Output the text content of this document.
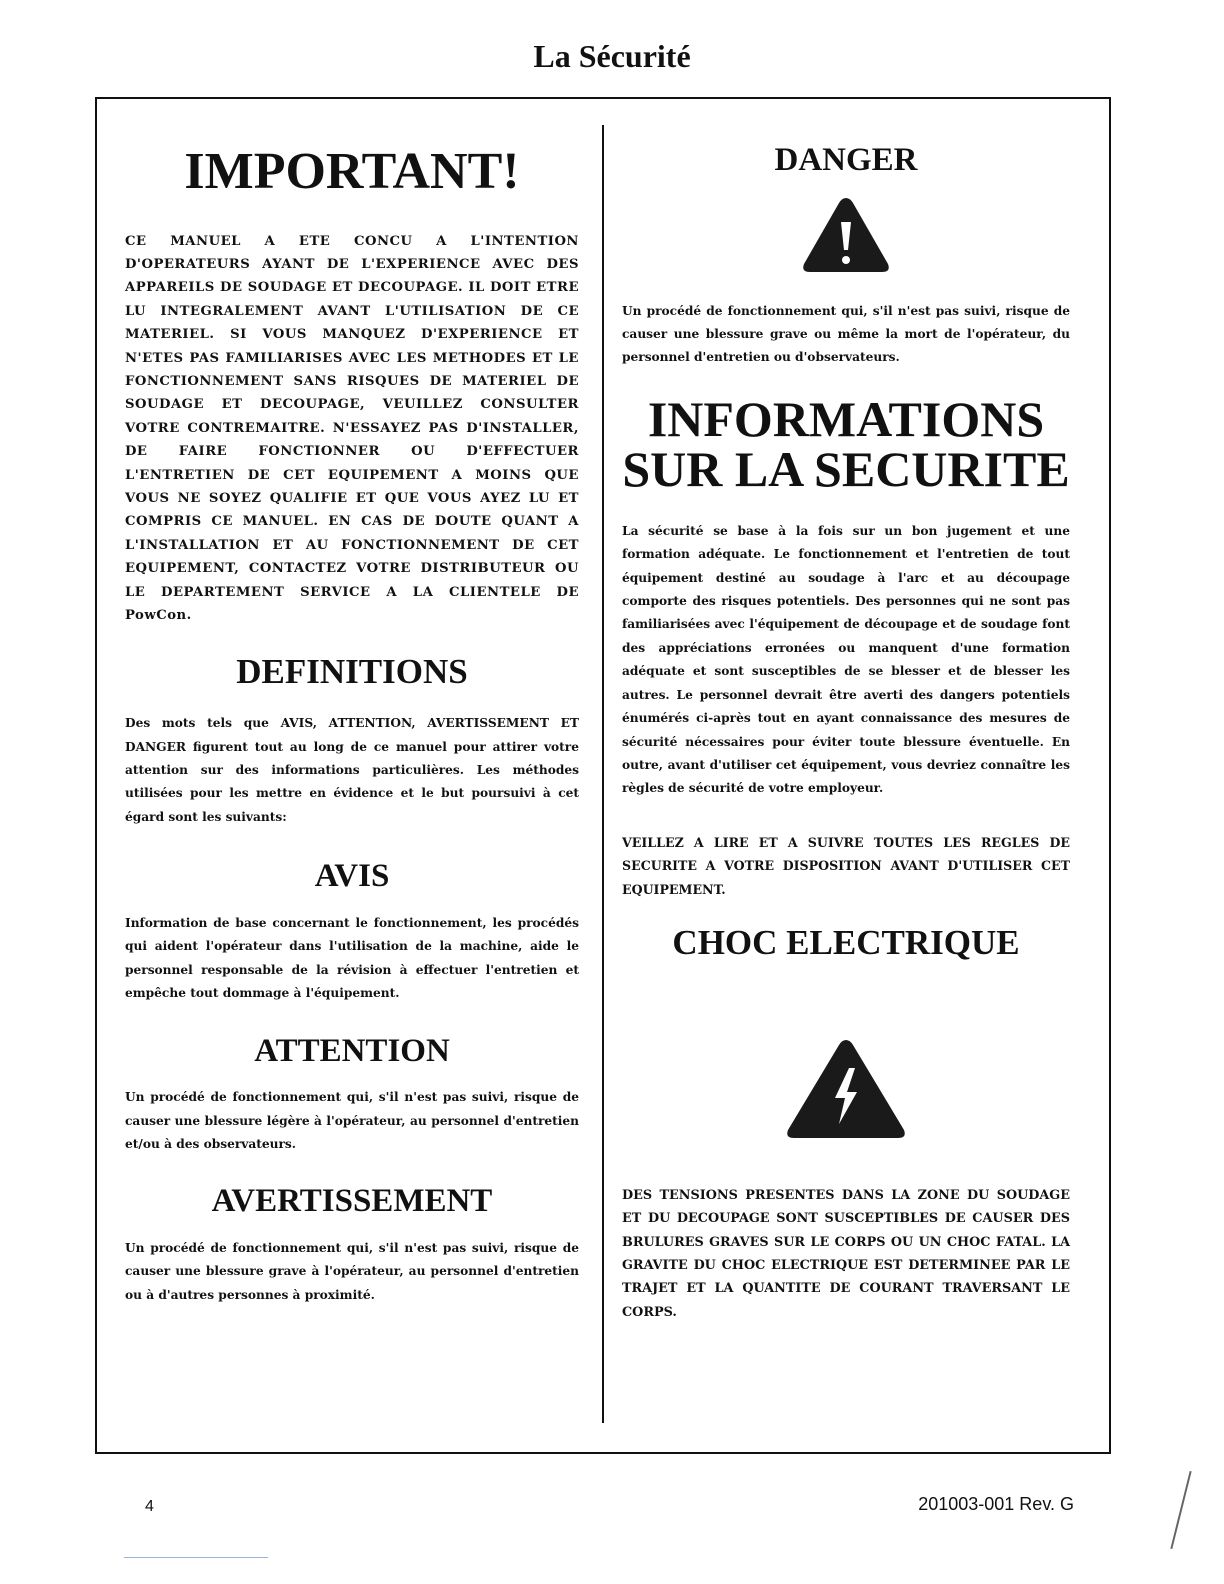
La Sécurité
IMPORTANT!

CE MANUEL A ETE CONCU A L'INTENTION D'OPERATEURS AYANT DE L'EXPERIENCE AVEC DES APPAREILS DE SOUDAGE ET DECOUPAGE. IL DOIT ETRE LU INTEGRALEMENT AVANT L'UTILISATION DE CE MATERIEL. SI VOUS MANQUEZ D'EXPERIENCE ET N'ETES PAS FAMILIARISES AVEC LES METHODES ET LE FONCTIONNEMENT SANS RISQUES DE MATERIEL DE SOUDAGE ET DECOUPAGE, VEUILLEZ CONSULTER VOTRE CONTREMAITRE. N'ESSAYEZ PAS D'INSTALLER, DE FAIRE FONCTIONNER OU D'EFFECTUER L'ENTRETIEN DE CET EQUIPEMENT A MOINS QUE VOUS NE SOYEZ QUALIFIE ET QUE VOUS AYEZ LU ET COMPRIS CE MANUEL. EN CAS DE DOUTE QUANT A L'INSTALLATION ET AU FONCTIONNEMENT DE CET EQUIPEMENT, CONTACTEZ VOTRE DISTRIBUTEUR OU LE DEPARTEMENT SERVICE A LA CLIENTELE DE PowCon.

DEFINITIONS

Des mots tels que AVIS, ATTENTION, AVERTISSEMENT ET DANGER figurent tout au long de ce manuel pour attirer votre attention sur des informations particulières. Les méthodes utilisées pour les mettre en évidence et le but poursuivi à cet égard sont les suivants:

AVIS

Information de base concernant le fonctionnement, les procédés qui aident l'opérateur dans l'utilisation de la machine, aide le personnel responsable de la révision à effectuer l'entretien et empêche tout dommage à l'équipement.

ATTENTION

Un procédé de fonctionnement qui, s'il n'est pas suivi, risque de causer une blessure légère à l'opérateur, au personnel d'entretien et/ou à des observateurs.

AVERTISSEMENT

Un procédé de fonctionnement qui, s'il n'est pas suivi, risque de causer une blessure grave à l'opérateur, au personnel d'entretien ou à d'autres personnes à proximité.

DANGER

Un procédé de fonctionnement qui, s'il n'est pas suivi, risque de causer une blessure grave ou même la mort de l'opérateur, du personnel d'entretien ou d'observateurs.

INFORMATIONS
SUR LA SECURITE

La sécurité se base à la fois sur un bon jugement et une formation adéquate. Le fonctionnement et l'entretien de tout équipement destiné au soudage à l'arc et au découpage comporte des risques potentiels. Des personnes qui ne sont pas familiarisées avec l'équipement de découpage et de soudage font des appréciations erronées ou manquent d'une formation adéquate et sont susceptibles de se blesser et de blesser les autres. Le personnel devrait être averti des dangers potentiels énumérés ci-après tout en ayant connaissance des mesures de sécurité nécessaires pour éviter toute blessure éventuelle. En outre, avant d'utiliser cet équipement, vous devriez connaître les règles de sécurité de votre employeur.

VEILLEZ A LIRE ET A SUIVRE TOUTES LES REGLES DE SECURITE A VOTRE DISPOSITION AVANT D'UTILISER CET EQUIPEMENT.

CHOC ELECTRIQUE

DES TENSIONS PRESENTES DANS LA ZONE DU SOUDAGE ET DU DECOUPAGE SONT SUSCEPTIBLES DE CAUSER DES BRULURES GRAVES SUR LE CORPS OU UN CHOC FATAL. LA GRAVITE DU CHOC ELECTRIQUE EST DETERMINEE PAR LE TRAJET ET LA QUANTITE DE COURANT TRAVERSANT LE CORPS.

4	201003-001 Rev. G
